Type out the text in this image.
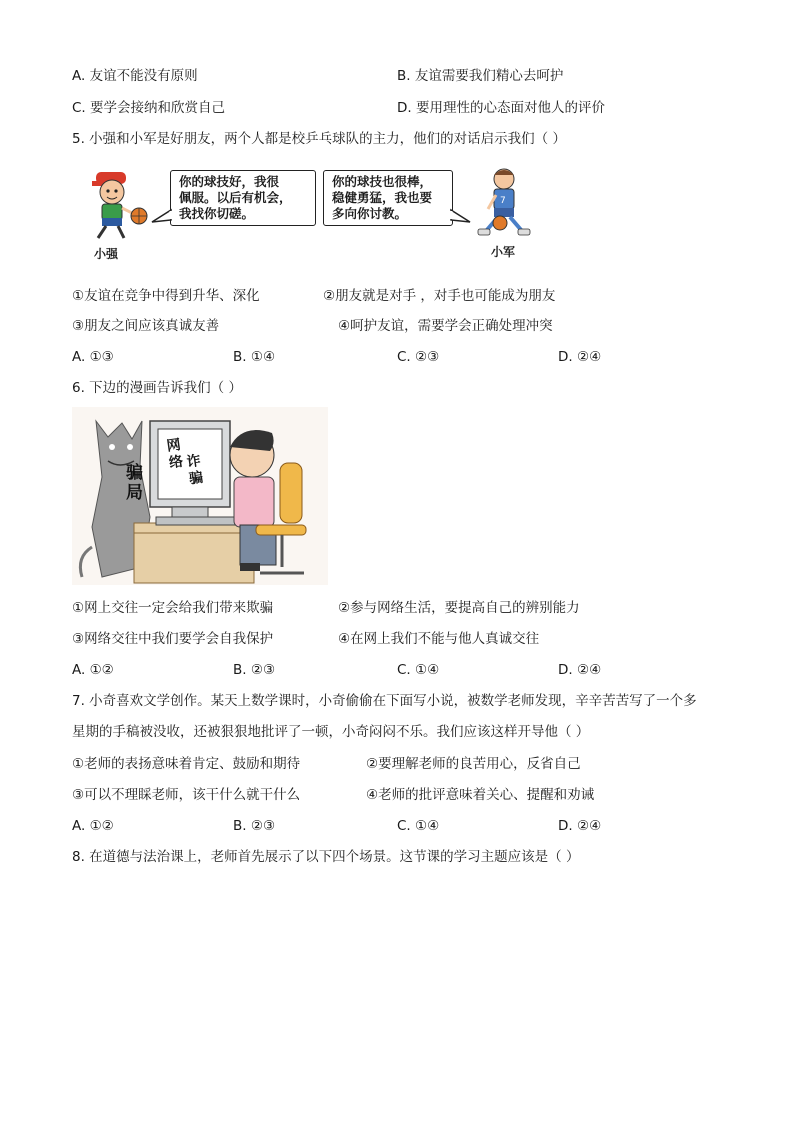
A. 友谊不能没有原则	B. 友谊需要我们精心去呵护
C. 要学会接纳和欣赏自己	D. 要用理性的心态面对他人的评价
5. 小强和小军是好朋友，两个人都是校乒乓球队的主力，他们的对话启示我们（ ）
小强
你的球技好，我很
佩服。以后有机会，
我找你切磋。
你的球技也很棒，
稳健勇猛，我也要
多向你讨教。
7
小军
①友谊在竞争中得到升华、深化	②朋友就是对手 ，对手也可能成为朋友
③朋友之间应该真诚友善	④呵护友谊，需要学会正确处理冲突
A. ①③	B. ①④	C. ②③	D. ②④
6. 下边的漫画告诉我们（ ）
网
络 诈
骗
骗
局
①网上交往一定会给我们带来欺骗	②参与网络生活，要提高自己的辨别能力
③网络交往中我们要学会自我保护	④在网上我们不能与他人真诚交往
A. ①②	B. ②③	C. ①④	D. ②④
7. 小奇喜欢文学创作。某天上数学课时，小奇偷偷在下面写小说，被数学老师发现，辛辛苦苦写了一个多
星期的手稿被没收，还被狠狠地批评了一顿，小奇闷闷不乐。我们应该这样开导他（ ）
①老师的表扬意味着肯定、鼓励和期待	②要理解老师的良苦用心，反省自己
③可以不理睬老师，该干什么就干什么	④老师的批评意味着关心、提醒和劝诫
A. ①②	B. ②③	C. ①④	D. ②④
8. 在道德与法治课上，老师首先展示了以下四个场景。这节课的学习主题应该是（ ）
